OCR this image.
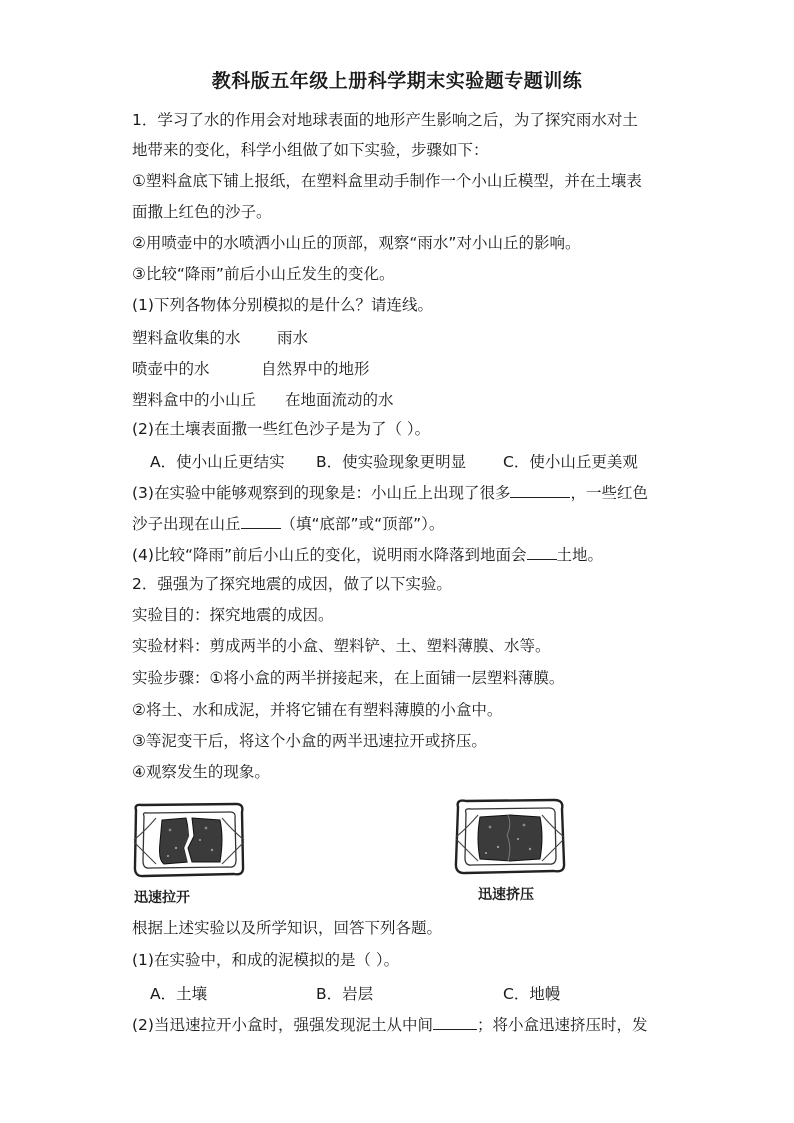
教科版五年级上册科学期末实验题专题训练
1．学习了水的作用会对地球表面的地形产生影响之后，为了探究雨水对土
地带来的变化，科学小组做了如下实验，步骤如下：
①塑料盒底下铺上报纸，在塑料盒里动手制作一个小山丘模型，并在土壤表
面撒上红色的沙子。
②用喷壶中的水喷洒小山丘的顶部，观察“雨水”对小山丘的影响。
③比较“降雨”前后小山丘发生的变化。
(1)下列各物体分别模拟的是什么？请连线。
塑料盒收集的水 雨水
喷壶中的水	自然界中的地形
塑料盒中的小山丘 在地面流动的水
(2)在土壤表面撒一些红色沙子是为了（ ）。
A．使小山丘更结实 B．使实验现象更明显 C．使小山丘更美观
(3)在实验中能够观察到的现象是：小山丘上出现了很多	，一些红色
沙子出现在山丘	（填“底部”或“顶部”）。
(4)比较“降雨”前后小山丘的变化，说明雨水降落到地面会 土地。
2．强强为了探究地震的成因，做了以下实验。
实验目的：探究地震的成因。
实验材料：剪成两半的小盒、塑料铲、土、塑料薄膜、水等。
实验步骤：①将小盒的两半拼接起来，在上面铺一层塑料薄膜。
②将土、水和成泥，并将它铺在有塑料薄膜的小盒中。
③等泥变干后，将这个小盒的两半迅速拉开或挤压。
④观察发生的现象。
迅速拉开	迅速挤压
根据上述实验以及所学知识，回答下列各题。
(1)在实验中，和成的泥模拟的是（ ）。
A．土壤	B．岩层	C．地幔
(2)当迅速拉开小盒时，强强发现泥土从中间	；将小盒迅速挤压时，发
